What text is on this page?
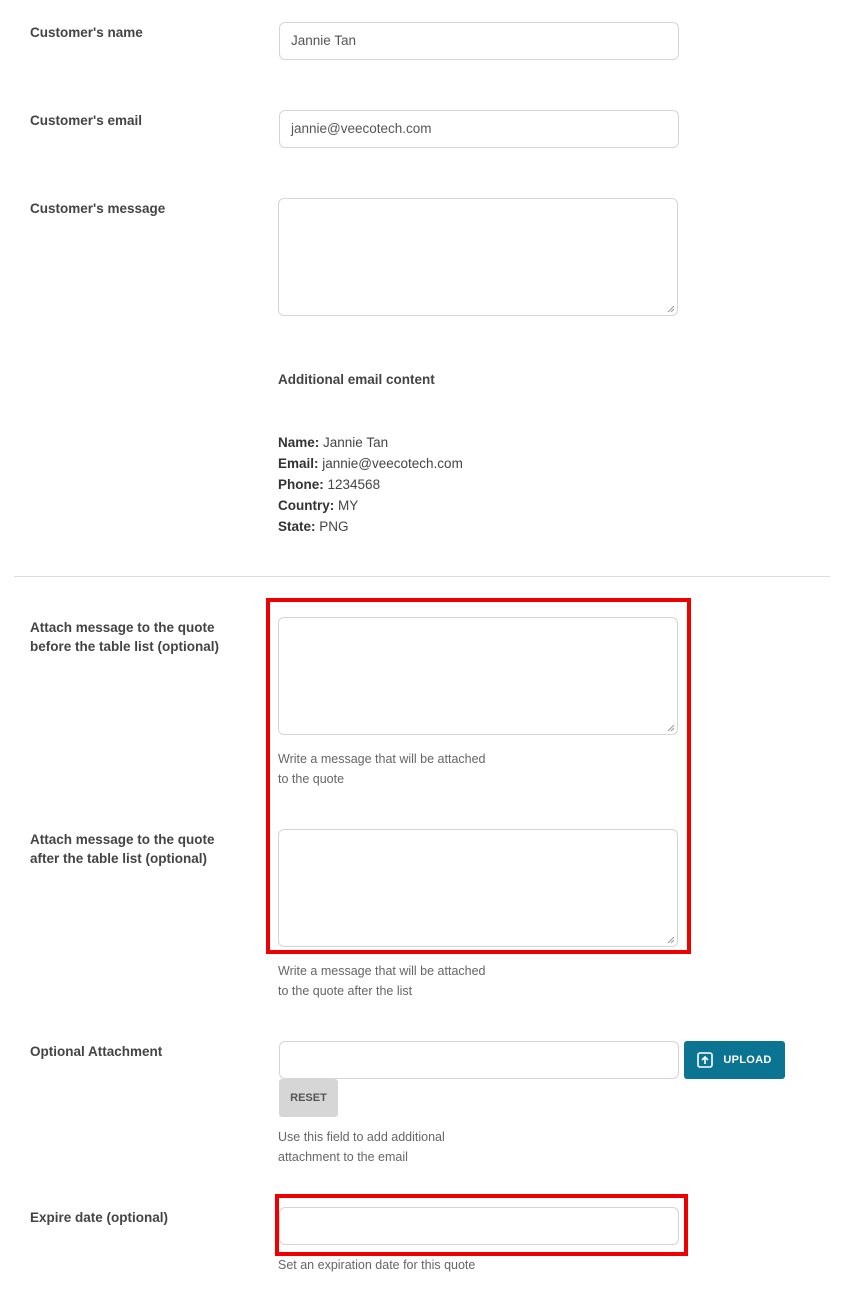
Customer's name
Jannie Tan
Customer's email
jannie@veecotech.com
Customer's message
Additional email content
Name: Jannie Tan
Email: jannie@veecotech.com
Phone: 1234568
Country: MY
State: PNG
Attach message to the quote
before the table list (optional)
Write a message that will be attached
to the quote
Attach message to the quote
after the table list (optional)
Write a message that will be attached
to the quote after the list
Optional Attachment
UPLOAD
RESET
Use this field to add additional
attachment to the email
Expire date (optional)
Set an expiration date for this quote
